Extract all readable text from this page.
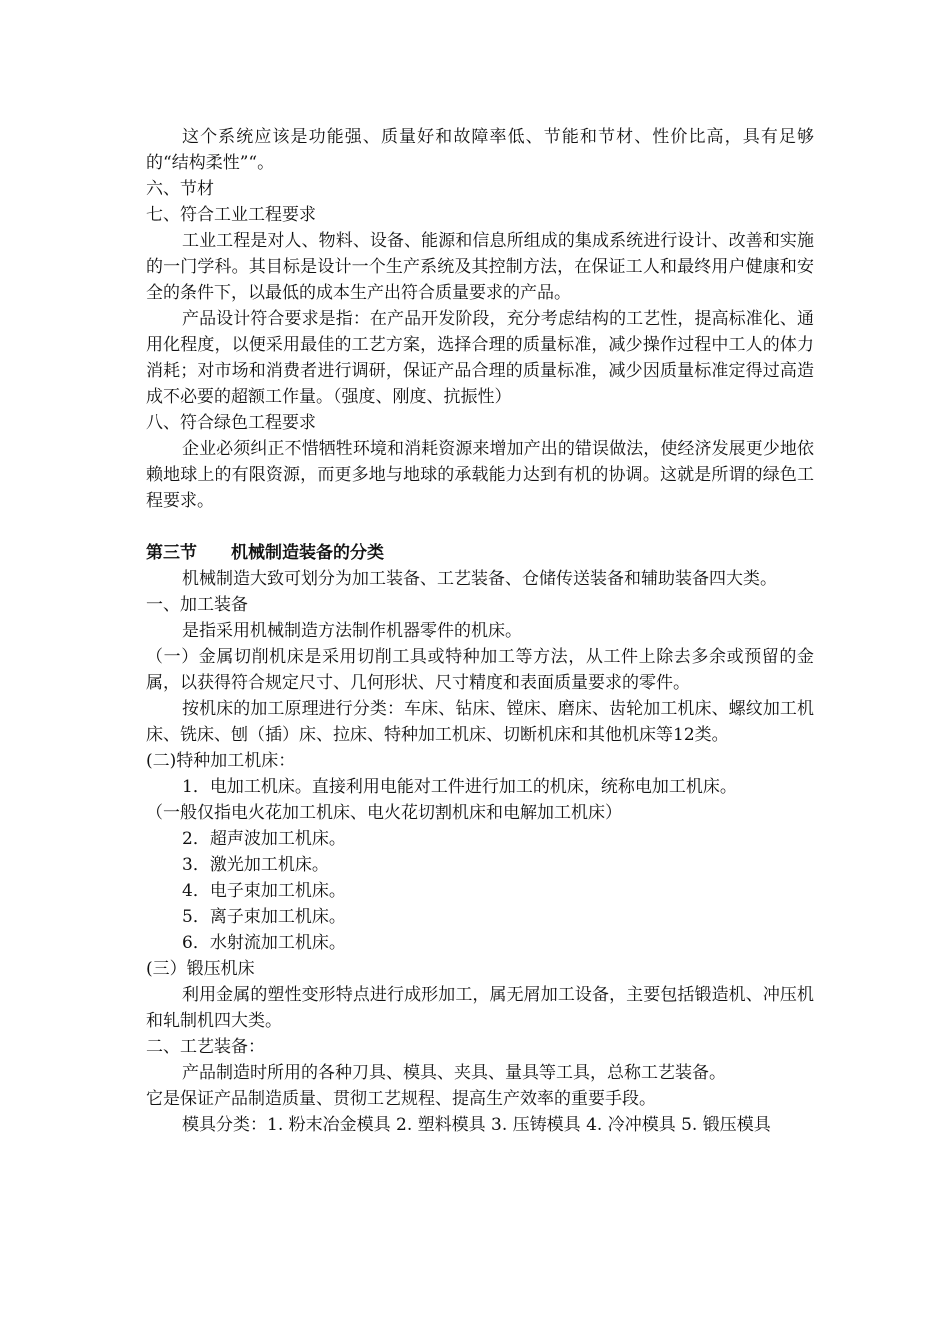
这个系统应该是功能强、质量好和故障率低、节能和节材、性价比高，具有足够的“结构柔性”“。

六、节材

七、符合工业工程要求

工业工程是对人、物料、设备、能源和信息所组成的集成系统进行设计、改善和实施的一门学科。其目标是设计一个生产系统及其控制方法，在保证工人和最终用户健康和安全的条件下，以最低的成本生产出符合质量要求的产品。

产品设计符合要求是指：在产品开发阶段，充分考虑结构的工艺性，提高标准化、通用化程度，以便采用最佳的工艺方案，选择合理的质量标准，减少操作过程中工人的体力消耗；对市场和消费者进行调研，保证产品合理的质量标准，减少因质量标准定得过高造成不必要的超额工作量。（强度、刚度、抗振性）

八、符合绿色工程要求

企业必须纠正不惜牺牲环境和消耗资源来增加产出的错误做法，使经济发展更少地依赖地球上的有限资源，而更多地与地球的承载能力达到有机的协调。这就是所谓的绿色工程要求。

第三节 机械制造装备的分类

机械制造大致可划分为加工装备、工艺装备、仓储传送装备和辅助装备四大类。

一、加工装备

是指采用机械制造方法制作机器零件的机床。

（一）金属切削机床是采用切削工具或特种加工等方法，从工件上除去多余或预留的金属，以获得符合规定尺寸、几何形状、尺寸精度和表面质量要求的零件。

按机床的加工原理进行分类：车床、钻床、镗床、磨床、齿轮加工机床、螺纹加工机床、铣床、刨（插）床、拉床、特种加工机床、切断机床和其他机床等12类。

(二)特种加工机床：

1．电加工机床。直接利用电能对工件进行加工的机床，统称电加工机床。

（一般仅指电火花加工机床、电火花切割机床和电解加工机床）

2．超声波加工机床。

3．激光加工机床。

4．电子束加工机床。

5．离子束加工机床。

6．水射流加工机床。

(三）锻压机床

利用金属的塑性变形特点进行成形加工，属无屑加工设备，主要包括锻造机、冲压机和轧制机四大类。

二、工艺装备：

产品制造时所用的各种刀具、模具、夹具、量具等工具，总称工艺装备。

它是保证产品制造质量、贯彻工艺规程、提高生产效率的重要手段。

模具分类：1. 粉末冶金模具 2. 塑料模具 3. 压铸模具 4. 冷冲模具 5. 锻压模具
